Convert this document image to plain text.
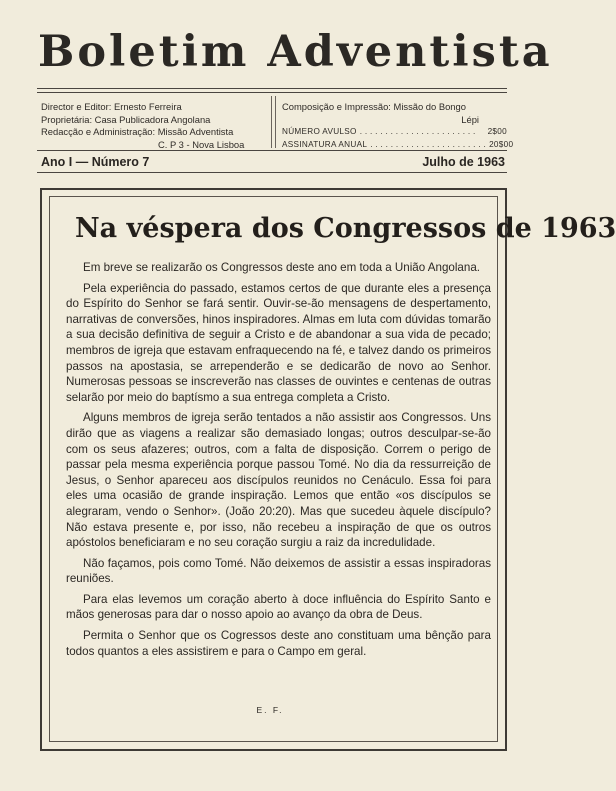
Boletim Adventista
Director e Editor: Ernesto Ferreira
Proprietária: Casa Publicadora Angolana
Redacção e Administração: Missão Adventista
C. P 3 - Nova Lisboa
Composição e Impressão: Missão do Bongo
Lépi
NÚMERO AVULSO . . . . . . . . . . . . . . . . . . . . . . .	2$00
ASSINATURA ANUAL . . . . . . . . . . . . . . . . . . . . . . . 20$00
Ano I — Número 7	Julho de 1963
Na véspera dos Congressos de 1963

Em breve se realizarão os Congressos deste ano em toda a União Angolana.

Pela experiência do passado, estamos certos de que durante eles a presença do Espírito do Senhor se fará sentir. Ouvir-se-ão mensagens de despertamento, narrativas de conversões, hinos inspiradores. Almas em luta com dúvidas tomarão a sua decisão definitiva de seguir a Cristo e de abandonar a sua vida de pecado; membros de igreja que estavam enfraquecendo na fé, e talvez dando os primeiros passos na apostasia, se arrependerão e se dedicarão de novo ao Senhor. Numerosas pessoas se inscreverão nas classes de ouvintes e centenas de outras selarão por meio do baptísmo a sua entrega completa a Cristo.

Alguns membros de igreja serão tentados a não assistir aos Congressos. Uns dirão que as viagens a realizar são demasiado longas; outros desculpar-se-ão com os seus afazeres; outros, com a falta de disposição. Correm o perigo de passar pela mesma experiência porque passou Tomé. No dia da ressurreição de Jesus, o Senhor apareceu aos discípulos reunidos no Cenáculo. Essa foi para eles uma ocasião de grande inspiração. Lemos que então «os discípulos se alegraram, vendo o Senhor». (João 20:20). Mas que sucedeu àquele discípulo? Não estava presente e, por isso, não recebeu a inspiração de que os outros apóstolos beneficiaram e no seu coração surgiu a raiz da incredulidade.

Não façamos, pois como Tomé. Não deixemos de assistir a essas inspiradoras reuniões.

Para elas levemos um coração aberto à doce influência do Espírito Santo e mãos generosas para dar o nosso apoio ao avanço da obra de Deus.

Permita o Senhor que os Cogressos deste ano constituam uma bênção para todos quantos a eles assistirem e para o Campo em geral.

E. F.
